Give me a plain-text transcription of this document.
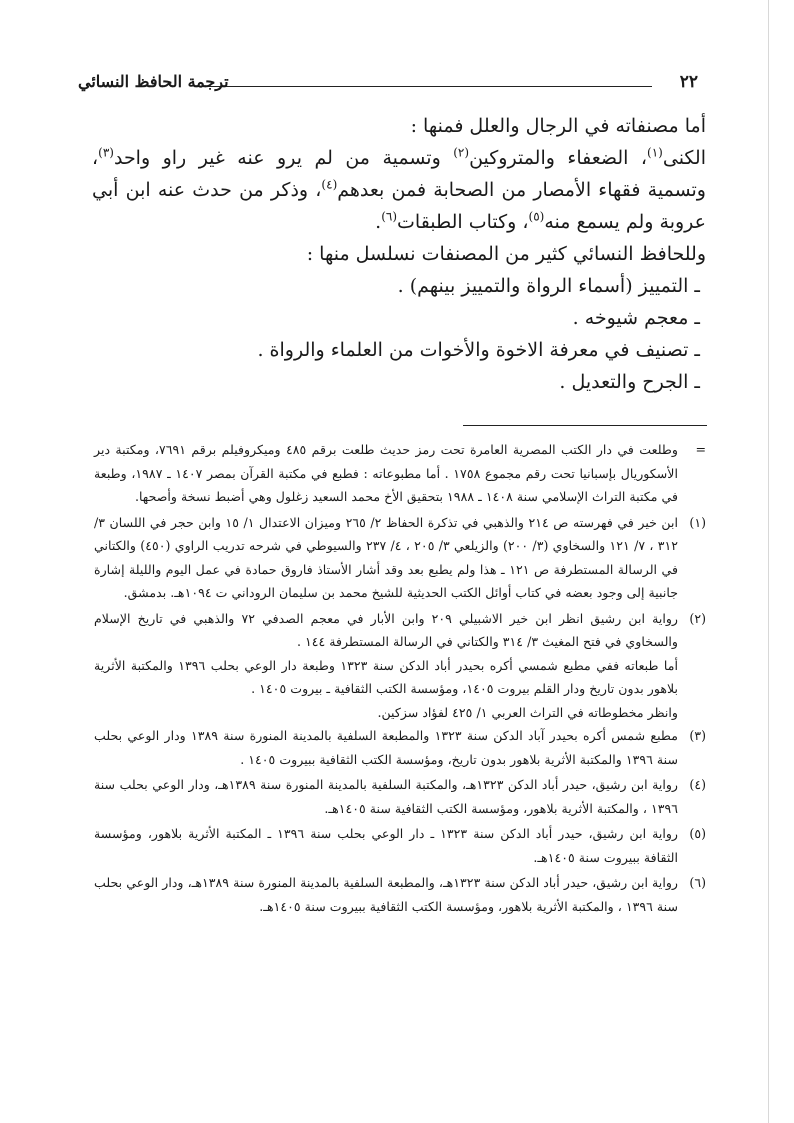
٢٢
ترجمة الحافظ النسائي

أما مصنفاته في الرجال والعلل فمنها :

الكنى$^{(١)}$، الضعفاء والمتروكين$^{(٢)}$ وتسمية من لم يرو عنه غير راو واحد$^{(٣)}$، وتسمية فقهاء الأمصار من الصحابة فمن بعدهم$^{(٤)}$، وذكر من حدث عنه ابن أبي عروبة ولم يسمع منه$^{(٥)}$، وكتاب الطبقات$^{(٦)}$.

وللحافظ النسائي كثير من المصنفات نسلسل منها :

ـ التمييز (أسماء الرواة والتمييز بينهم) .

ـ معجم شيوخه .

ـ تصنيف في معرفة الاخوة والأخوات من العلماء والرواة .

ـ الجرح والتعديل .

=
وطلعت في دار الكتب المصرية العامرة تحت رمز حديث طلعت برقم ٤٨٥ وميكروفيلم برقم ٧٦٩١، ومكتبة دير الأسكوريال بإسبانيا تحت رقم مجموع ١٧٥٨ . أما مطبوعاته : فطبع في مكتبة القرآن بمصر ١٤٠٧ ـ ١٩٨٧، وطبعة في مكتبة التراث الإسلامي سنة ١٤٠٨ ـ ١٩٨٨ بتحقيق الأخ محمد السعيد زغلول وهي أضبط نسخة وأصحها.

(١)
ابن خير في فهرسته ص ٢١٤ والذهبي في تذكرة الحفاظ ٢/ ٢٦٥ وميزان الاعتدال ١/ ١٥ وابن حجر في اللسان ٣/ ٣١٢ ، ٧/ ١٢١ والسخاوي (٣/ ٢٠٠) والزيلعي ٣/ ٢٠٥ ، ٤/ ٢٣٧ والسيوطي في شرحه تدريب الراوي (٤٥٠) والكتاني في الرسالة المستطرفة ص ١٢١ ـ هذا ولم يطبع بعد وقد أشار الأستاذ فاروق حمادة في عمل اليوم والليلة إشارة جانبية إلى وجود بعضه في كتاب أوائل الكتب الحديثية للشيخ محمد بن سليمان الروداني ت ١٠٩٤هـ. بدمشق.

(٢)
رواية ابن رشيق انظر ابن خير الاشبيلي ٢٠٩ وابن الأبار في معجم الصدفي ٧٢ والذهبي في تاريخ الإسلام والسخاوي في فتح المغيث ٣/ ٣١٤ والكتاني في الرسالة المستطرفة ١٤٤ .

أما طبعاته ففي مطبع شمسي أكره بحيدر أباد الدكن سنة ١٣٢٣ وطبعة دار الوعي بحلب ١٣٩٦ والمكتبة الأثرية بلاهور بدون تاريخ ودار القلم بيروت ١٤٠٥، ومؤسسة الكتب الثقافية ـ بيروت ١٤٠٥ .

وانظر مخطوطاته في التراث العربي ١/ ٤٢٥ لفؤاد سزكين.

(٣)
مطبع شمس أكره بحيدر آباد الدكن سنة ١٣٢٣ والمطبعة السلفية بالمدينة المنورة سنة ١٣٨٩ ودار الوعي بحلب سنة ١٣٩٦ والمكتبة الأثرية بلاهور بدون تاريخ، ومؤسسة الكتب الثقافية ببيروت ١٤٠٥ .

(٤)
رواية ابن رشيق، حيدر أباد الدكن ١٣٢٣هـ، والمكتبة السلفية بالمدينة المنورة سنة ١٣٨٩هـ، ودار الوعي بحلب سنة ١٣٩٦ ، والمكتبة الأثرية بلاهور، ومؤسسة الكتب الثقافية سنة ١٤٠٥هـ.

(٥)
رواية ابن رشيق، حيدر أباد الدكن سنة ١٣٢٣ ـ دار الوعي بحلب سنة ١٣٩٦ ـ المكتبة الأثرية بلاهور، ومؤسسة الثقافة ببيروت سنة ١٤٠٥هـ.

(٦)
رواية ابن رشيق، حيدر أباد الدكن سنة ١٣٢٣هـ، والمطبعة السلفية بالمدينة المنورة سنة ١٣٨٩هـ، ودار الوعي بحلب سنة ١٣٩٦ ، والمكتبة الأثرية بلاهور، ومؤسسة الكتب الثقافية ببيروت سنة ١٤٠٥هـ.
